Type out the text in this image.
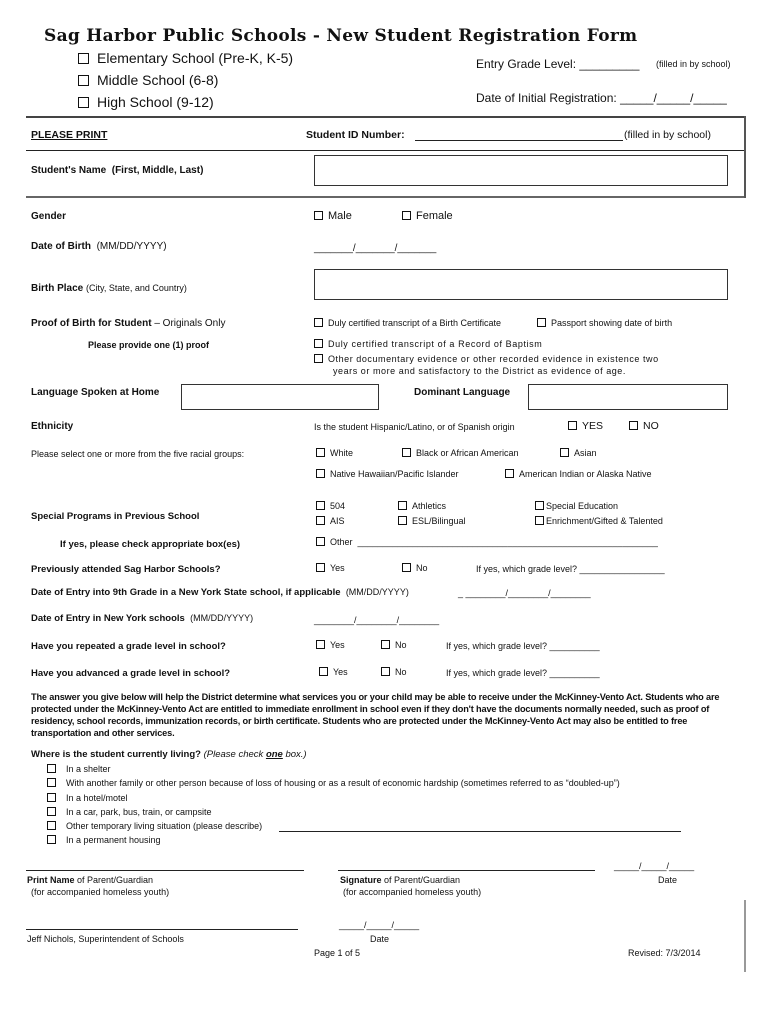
Sag Harbor Public Schools - New Student Registration Form
Elementary School (Pre-K, K-5)
Middle School (6-8)
High School (9-12)
Entry Grade Level: _________ (filled in by school)
Date of Initial Registration: _____/_____/_____
PLEASE PRINT	Student ID Number:	(filled in by school)
Student's Name (First, Middle, Last)
Gender	Male	Female
Date of Birth (MM/DD/YYYY)	_______/_______/_______
Birth Place (City, State, and Country)
Proof of Birth for Student – Originals Only
Please provide one (1) proof
Duly certified transcript of a Birth Certificate	Passport showing date of birth
Duly certified transcript of a Record of Baptism
Other documentary evidence or other recorded evidence in existence two
years or more and satisfactory to the District as evidence of age.
Language Spoken at Home	Dominant Language
Ethnicity	Is the student Hispanic/Latino, or of Spanish origin	YES	NO
Please select one or more from the five racial groups:	White	Black or African American	Asian
Native Hawaiian/Pacific Islander	American Indian or Alaska Native
Special Programs in Previous School
If yes, please check appropriate box(es)
504	Athletics	Special Education
AIS	ESL/Bilingual	Enrichment/Gifted & Talented
Other ____________________________________________________________
Previously attended Sag Harbor Schools?	Yes	No	If yes, which grade level? _________________
Date of Entry into 9th Grade in a New York State school, if applicable (MM/DD/YYYY)	_ ________/________/________
Date of Entry in New York schools (MM/DD/YYYY)	________/________/________
Have you repeated a grade level in school?	Yes	No	If yes, which grade level? __________
Have you advanced a grade level in school?	Yes	No	If yes, which grade level? __________
The answer you give below will help the District determine what services you or your child may be able to receive under the McKinney-Vento Act. Students who are protected under the McKinney-Vento Act are entitled to immediate enrollment in school even if they don't have the documents normally needed, such as proof of residency, school records, immunization records, or birth certificate. Students who are protected under the McKinney-Vento Act may also be entitled to free transportation and other services.
Where is the student currently living? (Please check one box.)
In a shelter
With another family or other person because of loss of housing or as a result of economic hardship (sometimes referred to as “doubled-up”)
In a hotel/motel
In a car, park, bus, train, or campsite
Other temporary living situation (please describe)
In a permanent housing
_____/_____/_____
Print Name of Parent/Guardian
(for accompanied homeless youth)
Signature of Parent/Guardian
(for accompanied homeless youth)
Date
_____/_____/_____
Jeff Nichols, Superintendent of Schools	Date
Page 1 of 5	Revised: 7/3/2014
